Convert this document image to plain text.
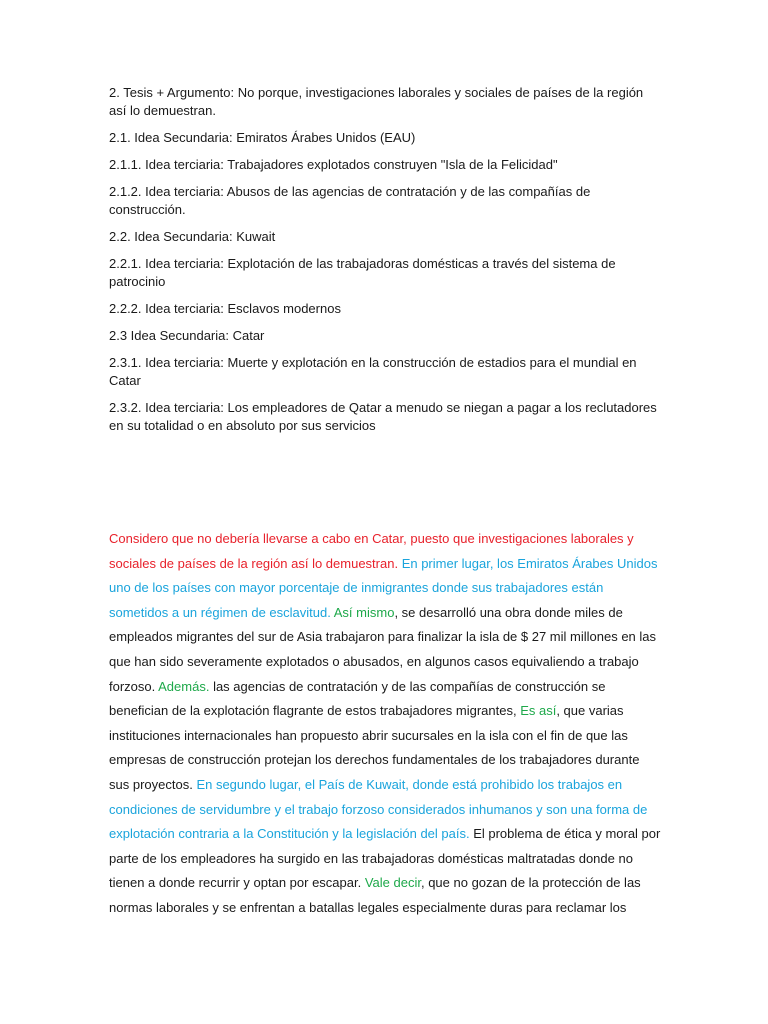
2. Tesis + Argumento: No porque, investigaciones laborales y sociales de países de la región así lo demuestran.

2.1. Idea Secundaria: Emiratos Árabes Unidos (EAU)

2.1.1. Idea terciaria: Trabajadores explotados construyen "Isla de la Felicidad"

2.1.2. Idea terciaria: Abusos de las agencias de contratación y de las compañías de construcción.

2.2. Idea Secundaria: Kuwait

2.2.1. Idea terciaria: Explotación de las trabajadoras domésticas a través del sistema de patrocinio

2.2.2. Idea terciaria: Esclavos modernos

2.3 Idea Secundaria: Catar

2.3.1. Idea terciaria: Muerte y explotación en la construcción de estadios para el mundial en Catar

2.3.2. Idea terciaria: Los empleadores de Qatar a menudo se niegan a pagar a los reclutadores en su totalidad o en absoluto por sus servicios

Considero que no debería llevarse a cabo en Catar, puesto que investigaciones laborales y sociales de países de la región así lo demuestran. En primer lugar, los Emiratos Árabes Unidos uno de los países con mayor porcentaje de inmigrantes donde sus trabajadores están sometidos a un régimen de esclavitud. Así mismo, se desarrolló una obra donde miles de empleados migrantes del sur de Asia trabajaron para finalizar la isla de $ 27 mil millones en las que han sido severamente explotados o abusados, en algunos casos equivaliendo a trabajo forzoso. Además. las agencias de contratación y de las compañías de construcción se benefician de la explotación flagrante de estos trabajadores migrantes, Es así, que varias instituciones internacionales han propuesto abrir sucursales en la isla con el fin de que las empresas de construcción protejan los derechos fundamentales de los trabajadores durante sus proyectos. En segundo lugar, el País de Kuwait, donde está prohibido los trabajos en condiciones de servidumbre y el trabajo forzoso considerados inhumanos y son una forma de explotación contraria a la Constitución y la legislación del país. El problema de ética y moral por parte de los empleadores ha surgido en las trabajadoras domésticas maltratadas donde no tienen a donde recurrir y optan por escapar. Vale decir, que no gozan de la protección de las normas laborales y se enfrentan a batallas legales especialmente duras para reclamar los
